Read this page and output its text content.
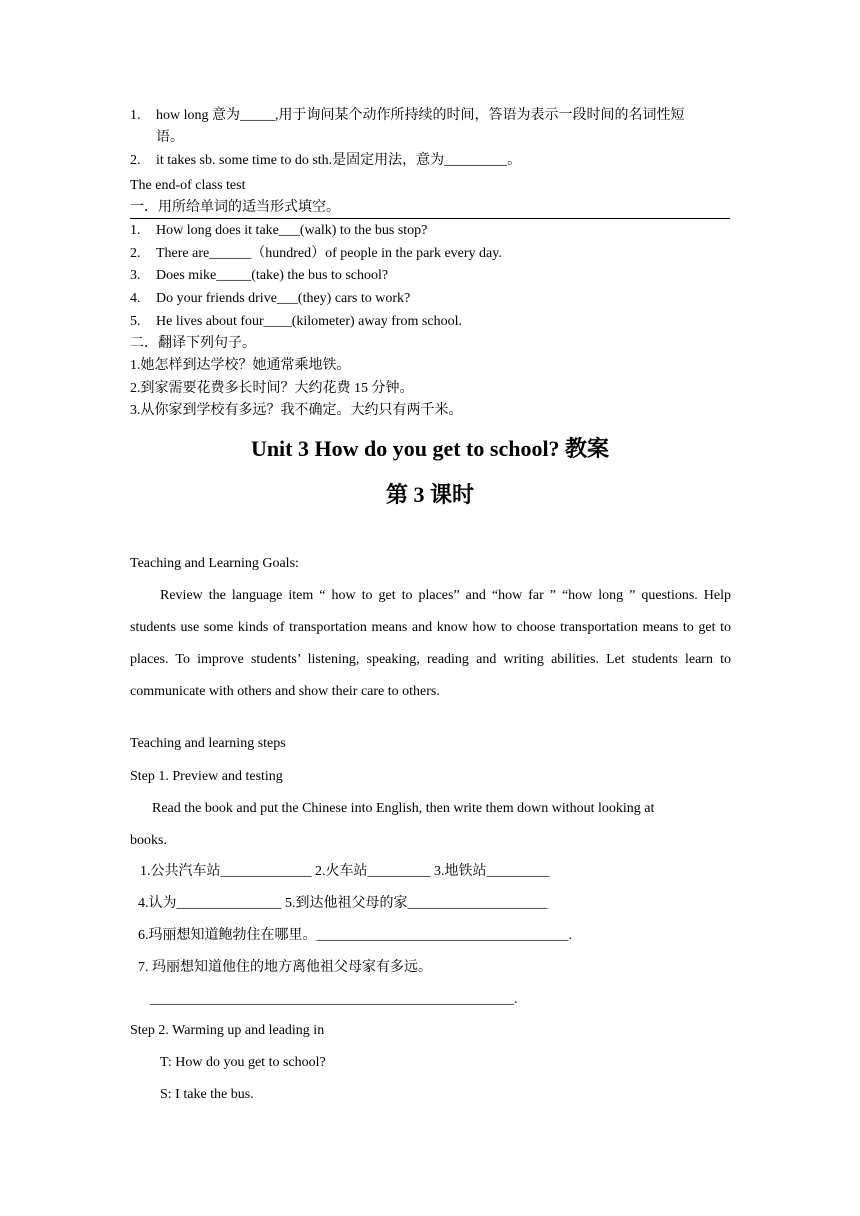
1. how long 意为_____,用于询问某个动作所持续的时间，答语为表示一段时间的名词性短
语。
2. it takes sb. some time to do sth.是固定用法，意为_________。
The end-of class test
一．用所给单词的适当形式填空。
1. How long does it take___(walk) to the bus stop?
2. There are______（hundred）of people in the park every day.
3. Does mike_____(take) the bus to school?
4. Do your friends drive___(they) cars to work?
5. He lives about four____(kilometer) away from school.
二．翻译下列句子。
1.她怎样到达学校？她通常乘地铁。
2.到家需要花费多长时间？大约花费 15 分钟。
3.从你家到学校有多远？我不确定。大约只有两千米。
Unit 3 How do you get to school? 教案
第 3 课时
Teaching and Learning Goals:
Review the language item “ how to get to places” and “how far ” “how long ” questions. Help students use some kinds of transportation means and know how to choose transportation means to get to places. To improve students’ listening, speaking, reading and writing abilities. Let students learn to communicate with others and show their care to others.
Teaching and learning steps
Step 1. Preview and testing
Read the book and put the Chinese into English, then write them down without looking at
books.
1.公共汽车站_____________ 2.火车站_________ 3.地铁站_________
4.认为_______________ 5.到达他祖父母的家____________________
6.玛丽想知道鲍勃住在哪里。____________________________________.
7. 玛丽想知道他住的地方离他祖父母家有多远。
____________________________________________________.
Step 2. Warming up and leading in
T: How do you get to school?
S: I take the bus.
